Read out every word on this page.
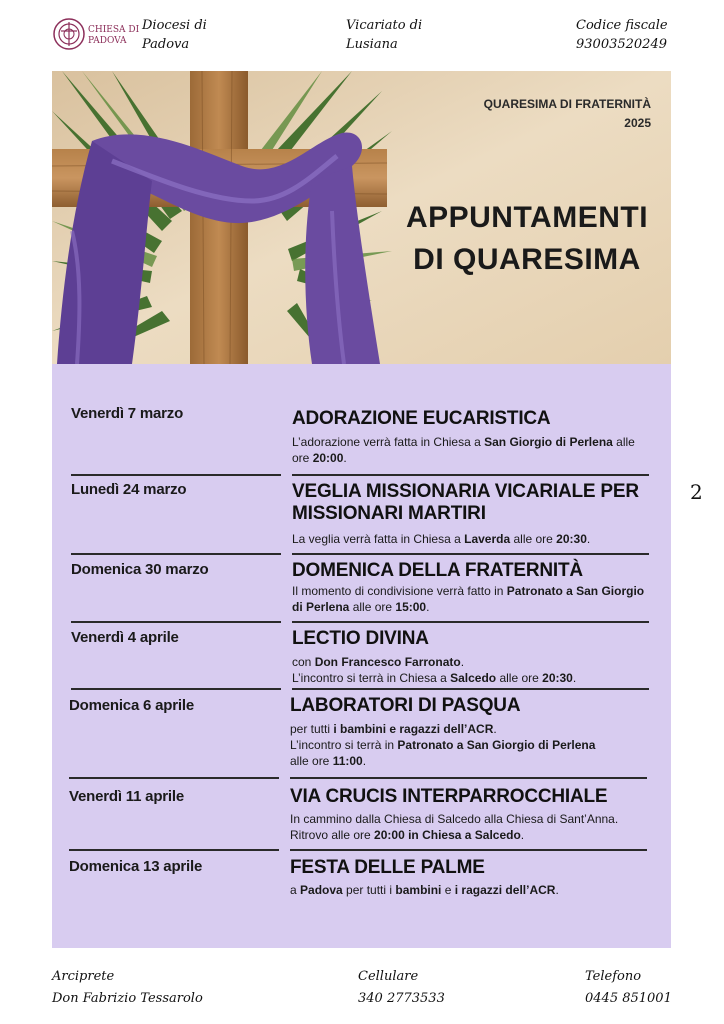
CHIESA DI
PADOVA
Diocesi di
Padova
Vicariato di
Lusiana
Codice fiscale
93003520249
QUARESIMA DI FRATERNITÀ
2025
APPUNTAMENTI
DI QUARESIMA
Venerdì 7 marzo	ADORAZIONE EUCARISTICA
L’adorazione verrà fatta in Chiesa a San Giorgio di Perlena alle
ore 20:00.
Lunedì 24 marzo	VEGLIA MISSIONARIA VICARIALE PER MISSIONARI MARTIRI
La veglia verrà fatta in Chiesa a Laverda alle ore 20:30.
Domenica 30 marzo	DOMENICA DELLA FRATERNITÀ
Il momento di condivisione verrà fatto in Patronato a San Giorgio
di Perlena alle ore 15:00.
Venerdì 4 aprile	LECTIO DIVINA
con Don Francesco Farronato.
L’incontro si terrà in Chiesa a Salcedo alle ore 20:30.
Domenica 6 aprile	LABORATORI DI PASQUA
per tutti i bambini e ragazzi dell’ACR.
L’incontro si terrà in Patronato a San Giorgio di Perlena
alle ore 11:00.
Venerdì 11 aprile	VIA CRUCIS INTERPARROCCHIALE
In cammino dalla Chiesa di Salcedo alla Chiesa di Sant’Anna.
Ritrovo alle ore 20:00 in Chiesa a Salcedo.
Domenica 13 aprile	FESTA DELLE PALME
a Padova per tutti i bambini e i ragazzi dell’ACR.
2
Arciprete
Don Fabrizio Tessarolo
Cellulare
340 2773533
Telefono
0445 851001
